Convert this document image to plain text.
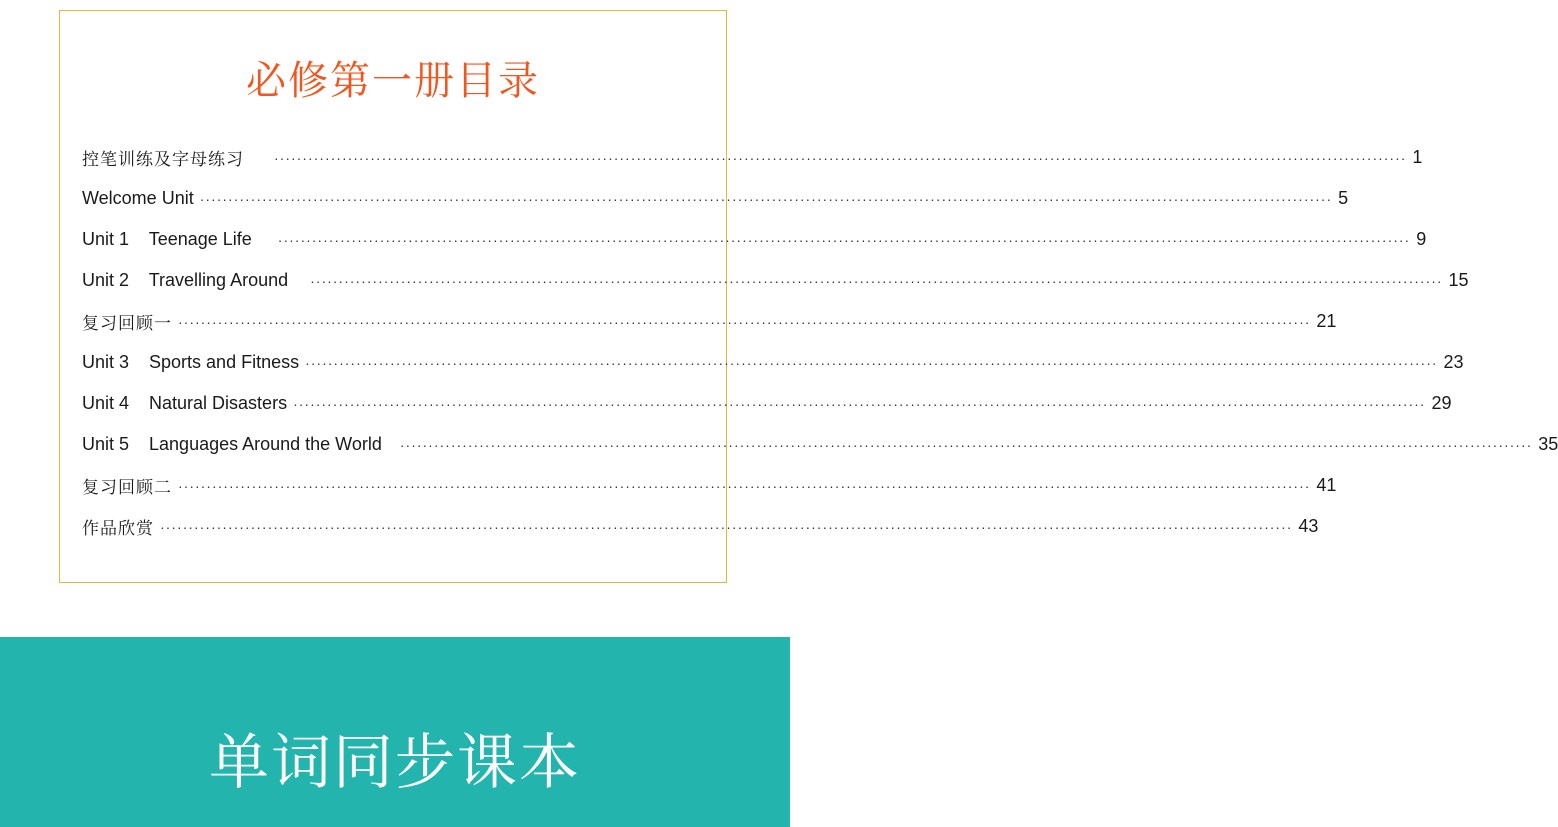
必修第一册目录
控笔训练及字母练习 ········································································································································································································ 1
Welcome Unit ········································································································································································································ 5
Unit 1    Teenage Life ········································································································································································································ 9
Unit 2    Travelling Around ········································································································································································································ 15
复习回顾一 ········································································································································································································ 21
Unit 3    Sports and Fitness ········································································································································································································ 23
Unit 4    Natural Disasters ········································································································································································································ 29
Unit 5    Languages Around the World ········································································································································································································ 35
复习回顾二 ········································································································································································································ 41
作品欣赏 ········································································································································································································ 43
单词同步课本
